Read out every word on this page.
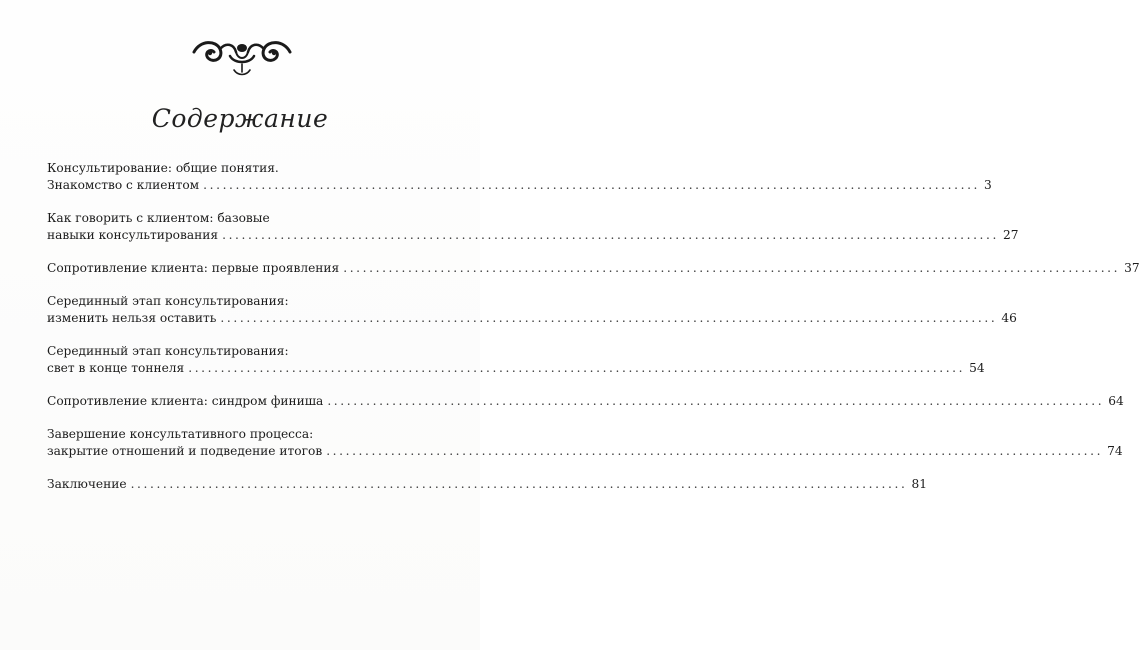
Содержание
Консультирование: общие понятия.
Знакомство с клиентом ........................................................................................................................ 3
Как говорить с клиентом: базовые
навыки консультирования ........................................................................................................................ 27
Сопротивление клиента: первые проявления ........................................................................................................................ 37
Серединный этап консультирования:
изменить нельзя оставить ........................................................................................................................ 46
Серединный этап консультирования:
свет в конце тоннеля ........................................................................................................................ 54
Сопротивление клиента: синдром финиша ........................................................................................................................ 64
Завершение консультативного процесса:
закрытие отношений и подведение итогов ........................................................................................................................ 74
Заключение ........................................................................................................................ 81
